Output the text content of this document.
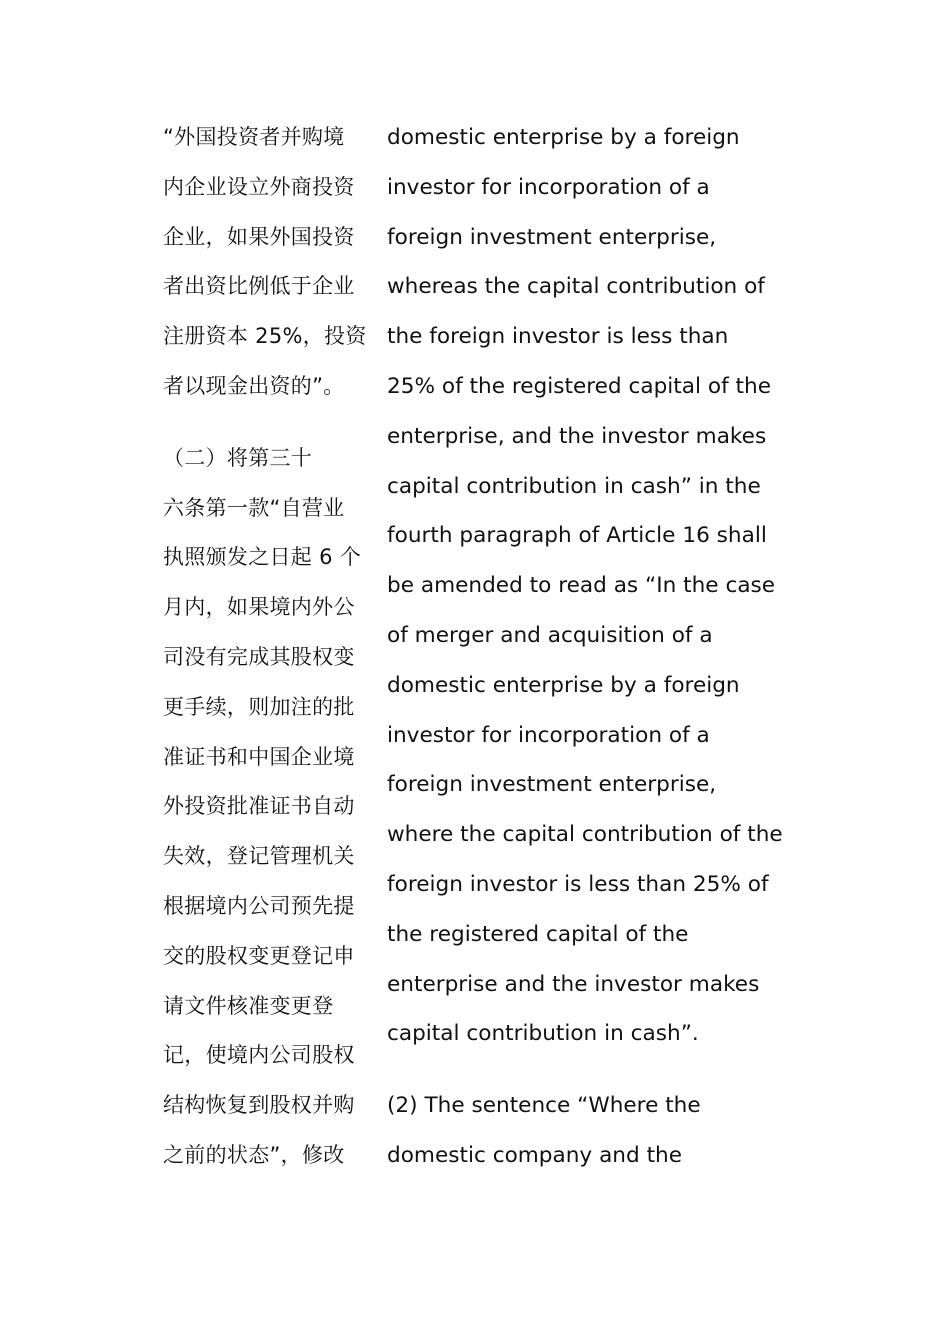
“外国投资者并购境
内企业设立外商投资
企业，如果外国投资
者出资比例低于企业
注册资本 25%，投资
者以现金出资的”。

（二）将第三十
六条第一款“自营业
执照颁发之日起 6 个
月内，如果境内外公
司没有完成其股权变
更手续，则加注的批
准证书和中国企业境
外投资批准证书自动
失效，登记管理机关
根据境内公司预先提
交的股权变更登记申
请文件核准变更登
记，使境内公司股权
结构恢复到股权并购
之前的状态”，修改

domestic enterprise by a foreign
investor for incorporation of a
foreign investment enterprise,
whereas the capital contribution of
the foreign investor is less than
25% of the registered capital of the
enterprise, and the investor makes
capital contribution in cash” in the
fourth paragraph of Article 16 shall
be amended to read as “In the case
of merger and acquisition of a
domestic enterprise by a foreign
investor for incorporation of a
foreign investment enterprise,
where the capital contribution of the
foreign investor is less than 25% of
the registered capital of the
enterprise and the investor makes
capital contribution in cash”.

(2) The sentence “Where the
domestic company and the
